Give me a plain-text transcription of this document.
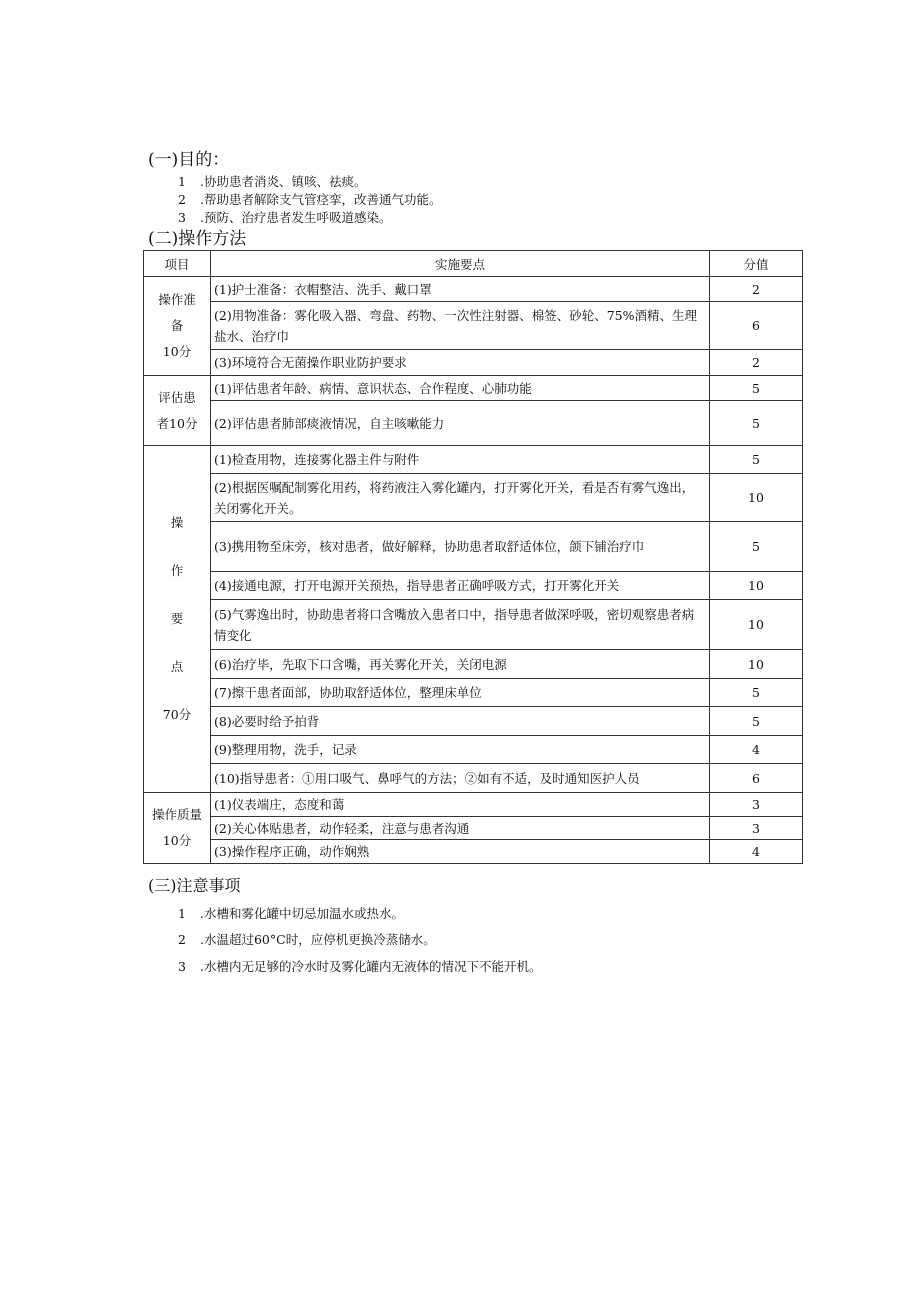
(一)目的：
1 .协助患者消炎、镇咳、祛痰。
2 .帮助患者解除支气管痉挛，改善通气功能。
3 .预防、治疗患者发生呼吸道感染。
(二)操作方法
项目	实施要点	分值

操作准
备
10分	(1)护士准备：衣帽整洁、洗手、戴口罩	2
	(2)用物准备：雾化吸入器、弯盘、药物、一次性注射器、棉签、砂轮、75%酒精、生理盐水、治疗巾	6
	(3)环境符合无菌操作职业防护要求	2

评估患
者10分	(1)评估患者年龄、病情、意识状态、合作程度、心肺功能	5
	(2)评估患者肺部痰液情况，自主咳嗽能力	5

操
作
要
点
70分	(1)检查用物，连接雾化器主件与附件	5
	(2)根据医嘱配制雾化用药，将药液注入雾化罐内，打开雾化开关，看是否有雾气逸出，关闭雾化开关。	10
	(3)携用物至床旁，核对患者，做好解释，协助患者取舒适体位，颌下铺治疗巾	5
	(4)接通电源，打开电源开关预热，指导患者正确呼吸方式，打开雾化开关	10
	(5)气雾逸出时，协助患者将口含嘴放入患者口中，指导患者做深呼吸，密切观察患者病情变化	10
	(6)治疗毕，先取下口含嘴，再关雾化开关，关闭电源	10
	(7)擦干患者面部，协助取舒适体位，整理床单位	5
	(8)必要时给予拍背	5
	(9)整理用物，洗手，记录	4
	(10)指导患者：①用口吸气、鼻呼气的方法；②如有不适，及时通知医护人员	6

操作质量
10分	(1)仪表端庄，态度和蔼	3
	(2)关心体贴患者，动作轻柔，注意与患者沟通	3
	(3)操作程序正确，动作娴熟	4
(三)注意事项
1 .水槽和雾化罐中切忌加温水或热水。
2 .水温超过60°C时，应停机更换冷蒸储水。
3 .水槽内无足够的冷水时及雾化罐内无液体的情况下不能开机。
